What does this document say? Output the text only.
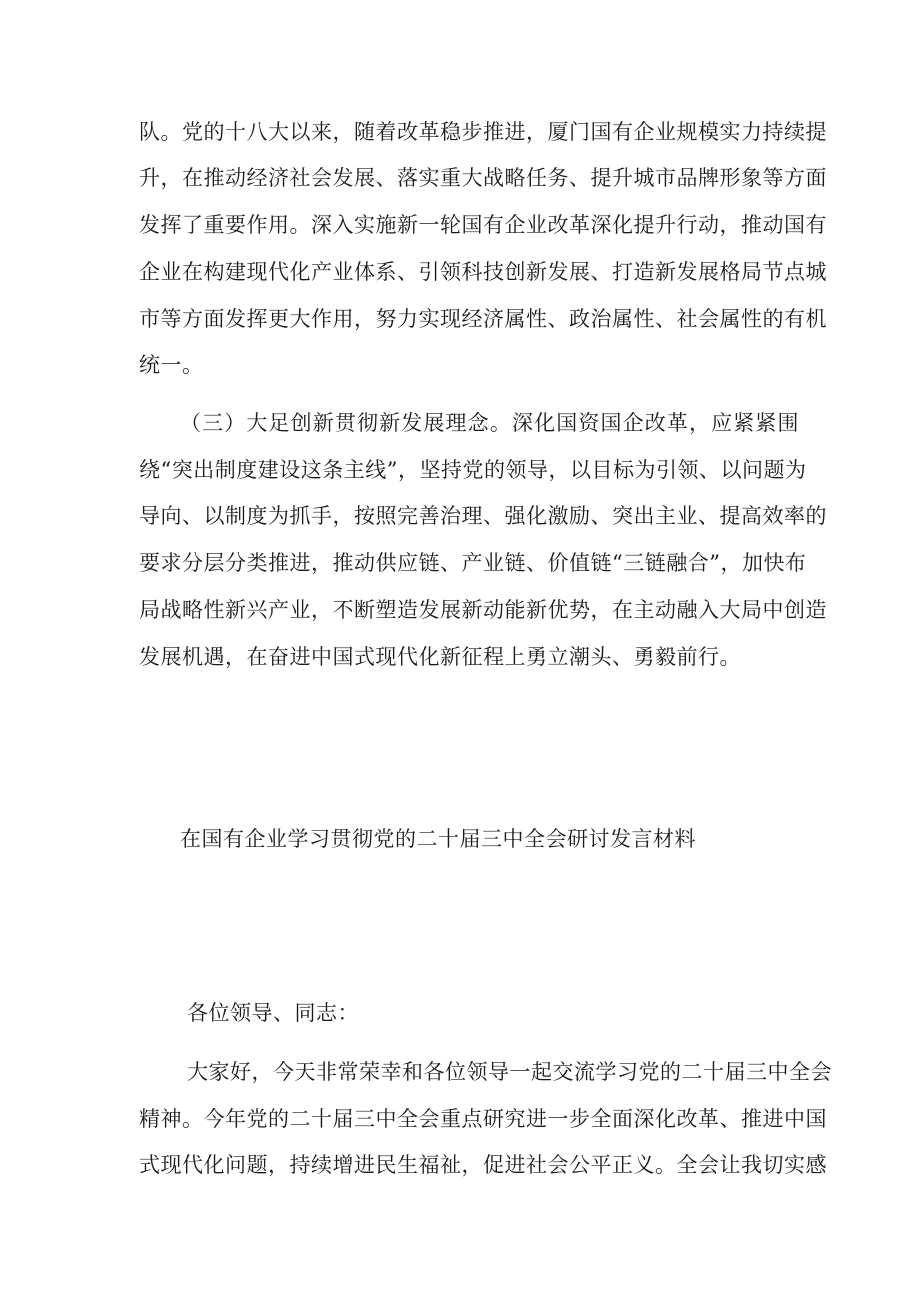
队。党的十八大以来，随着改革稳步推进，厦门国有企业规模实力持续提
升，在推动经济社会发展、落实重大战略任务、提升城市品牌形象等方面
发挥了重要作用。深入实施新一轮国有企业改革深化提升行动，推动国有
企业在构建现代化产业体系、引领科技创新发展、打造新发展格局节点城
市等方面发挥更大作用，努力实现经济属性、政治属性、社会属性的有机
统一。
（三）大足创新贯彻新发展理念。深化国资国企改革，应紧紧围
绕“突出制度建设这条主线”，坚持党的领导，以目标为引领、以问题为
导向、以制度为抓手，按照完善治理、强化激励、突出主业、提高效率的
要求分层分类推进，推动供应链、产业链、价值链“三链融合”，加快布
局战略性新兴产业，不断塑造发展新动能新优势，在主动融入大局中创造
发展机遇，在奋进中国式现代化新征程上勇立潮头、勇毅前行。
在国有企业学习贯彻党的二十届三中全会研讨发言材料
各位领导、同志：
大家好，今天非常荣幸和各位领导一起交流学习党的二十届三中全会
精神。今年党的二十届三中全会重点研究进一步全面深化改革、推进中国
式现代化问题，持续增进民生福祉，促进社会公平正义。全会让我切实感
